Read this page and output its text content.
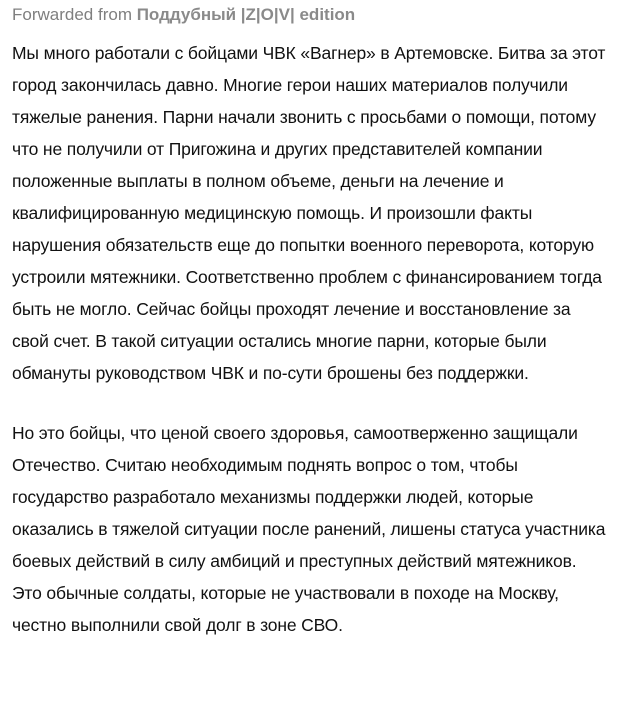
Forwarded from Поддубный |Z|O|V| edition

Мы много работали с бойцами ЧВК «Вагнер» в Артемовске. Битва за этот город закончилась давно. Многие герои наших материалов получили тяжелые ранения. Парни начали звонить с просьбами о помощи, потому что не получили от Пригожина и других представителей компании положенные выплаты в полном объеме, деньги на лечение и квалифицированную медицинскую помощь. И произошли факты нарушения обязательств еще до попытки военного переворота, которую устроили мятежники. Соответственно проблем с финансированием тогда быть не могло. Сейчас бойцы проходят лечение и восстановление за свой счет. В такой ситуации остались многие парни, которые были обмануты руководством ЧВК и по-сути брошены без поддержки.

Но это бойцы, что ценой своего здоровья, самоотверженно защищали Отечество. Считаю необходимым поднять вопрос о том, чтобы государство разработало механизмы поддержки людей, которые оказались в тяжелой ситуации после ранений, лишены статуса участника боевых действий в силу амбиций и преступных действий мятежников. Это обычные солдаты, которые не участвовали в походе на Москву, честно выполнили свой долг в зоне СВО.
